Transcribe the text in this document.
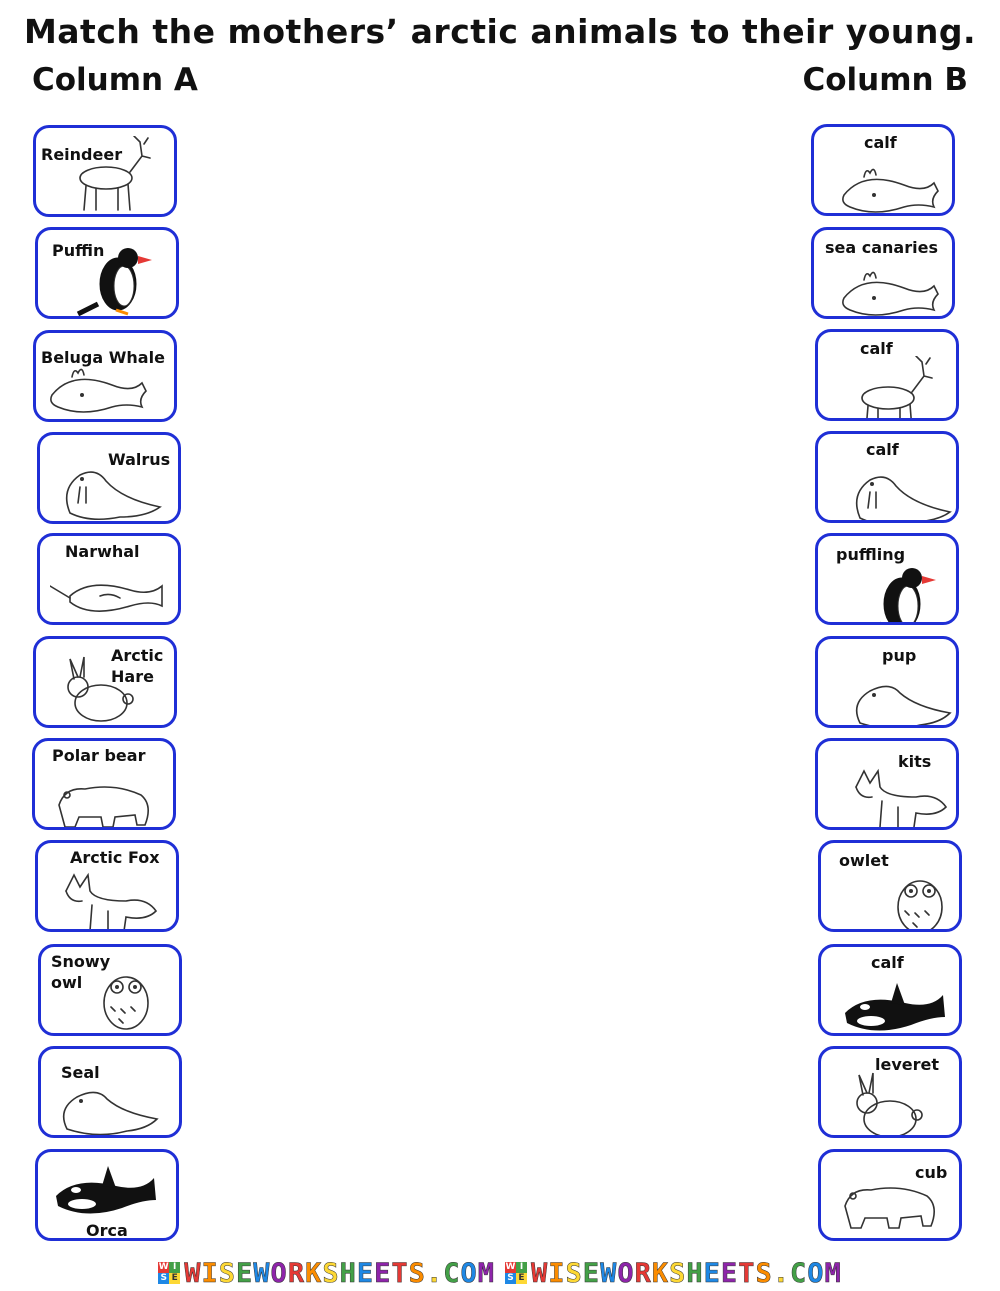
Match the mothers’ arctic animals to their young.
Column A	Column B
Reindeer
Puffin
Beluga Whale
Walrus
Narwhal
Arctic
Hare
Polar bear
Arctic Fox
Snowy
owl
Seal
Orca
calf
sea canaries
calf
calf
puffling
pup
kits
owlet
calf
leveret
cub
W I
S E WISEWORKSHEETS.COM W I
S E WISEWORKSHEETS.COM
